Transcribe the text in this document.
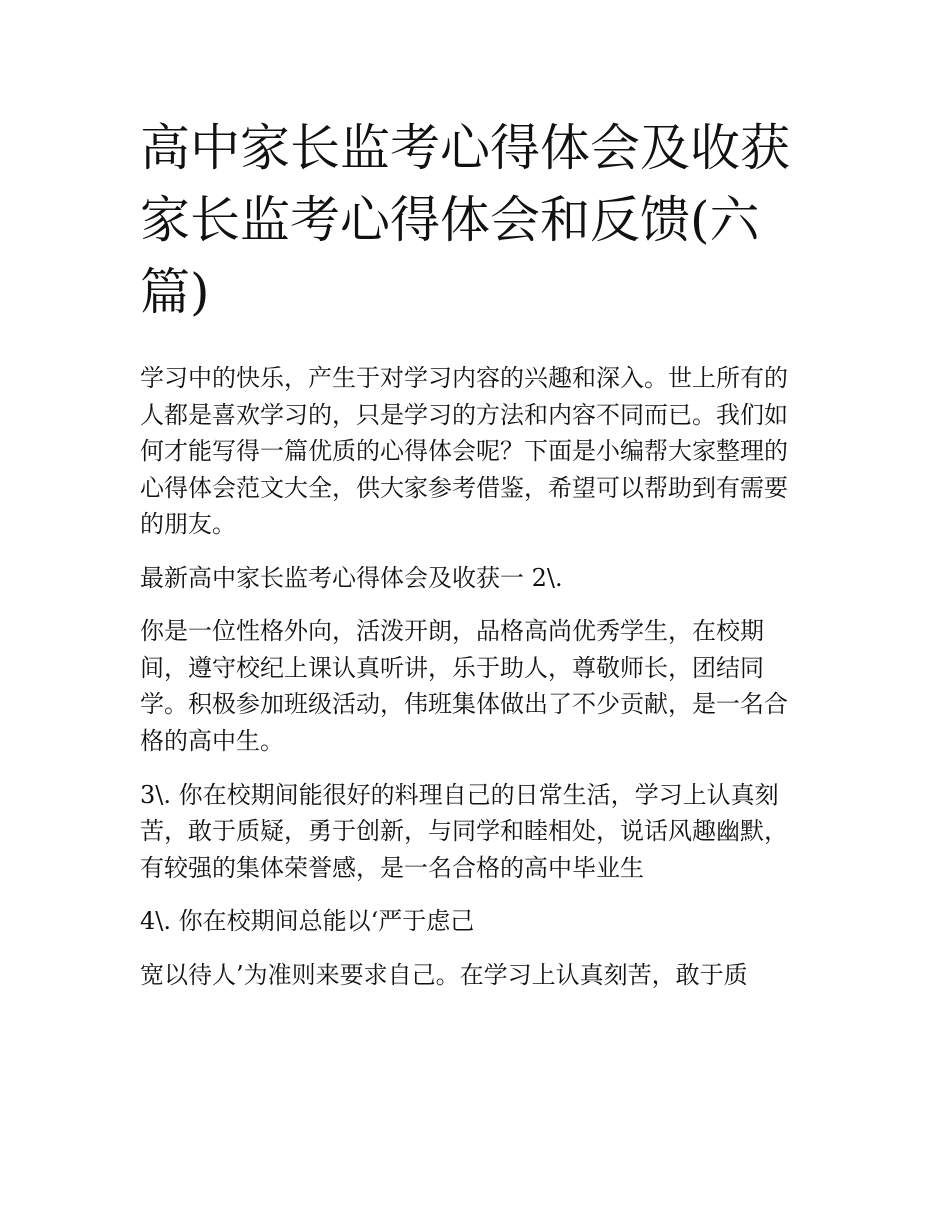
高中家长监考心得体会及收获
家长监考心得体会和反馈(六
篇)

学习中的快乐，产生于对学习内容的兴趣和深入。世上所有的
人都是喜欢学习的，只是学习的方法和内容不同而已。我们如
何才能写得一篇优质的心得体会呢？下面是小编帮大家整理的
心得体会范文大全，供大家参考借鉴，希望可以帮助到有需要
的朋友。

最新高中家长监考心得体会及收获一 2\.

你是一位性格外向，活泼开朗，品格高尚优秀学生，在校期
间，遵守校纪上课认真听讲，乐于助人，尊敬师长，团结同
学。积极参加班级活动，伟班集体做出了不少贡献，是一名合
格的高中生。

3\. 你在校期间能很好的料理自己的日常生活，学习上认真刻
苦，敢于质疑，勇于创新，与同学和睦相处，说话风趣幽默，
有较强的集体荣誉感，是一名合格的高中毕业生

4\. 你在校期间总能以‘严于虑己

宽以待人’为准则来要求自己。在学习上认真刻苦，敢于质
